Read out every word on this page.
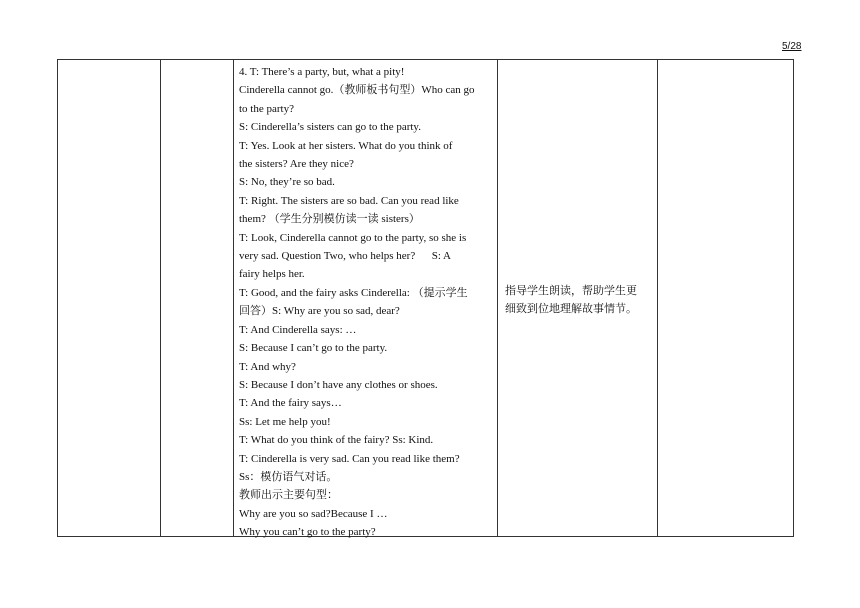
5/28

4. T: There’s a party, but, what a pity!

Cinderella cannot go.（教师板书句型）Who can go

to the party?

S: Cinderella’s sisters can go to the party.

T: Yes. Look at her sisters. What do you think of

the sisters? Are they nice?

S: No, they’re so bad.

T: Right. The sisters are so bad. Can you read like

them? （学生分别模仿读一读 sisters）

T: Look, Cinderella cannot go to the party, so she is

very sad. Question Two, who helps her?      S: A

fairy helps her.

T: Good, and the fairy asks Cinderella: （提示学生

回答）S: Why are you so sad, dear?

T: And Cinderella says: …

S: Because I can’t go to the party.

T: And why?

S: Because I don’t have any clothes or shoes.

T: And the fairy says…

Ss: Let me help you!

T: What do you think of the fairy? Ss: Kind.

T: Cinderella is very sad. Can you read like them?

Ss：模仿语气对话。

教师出示主要句型：

Why are you so sad?Because I …

Why you can’t go to the party?

指导学生朗读，帮助学生更

细致到位地理解故事情节。
